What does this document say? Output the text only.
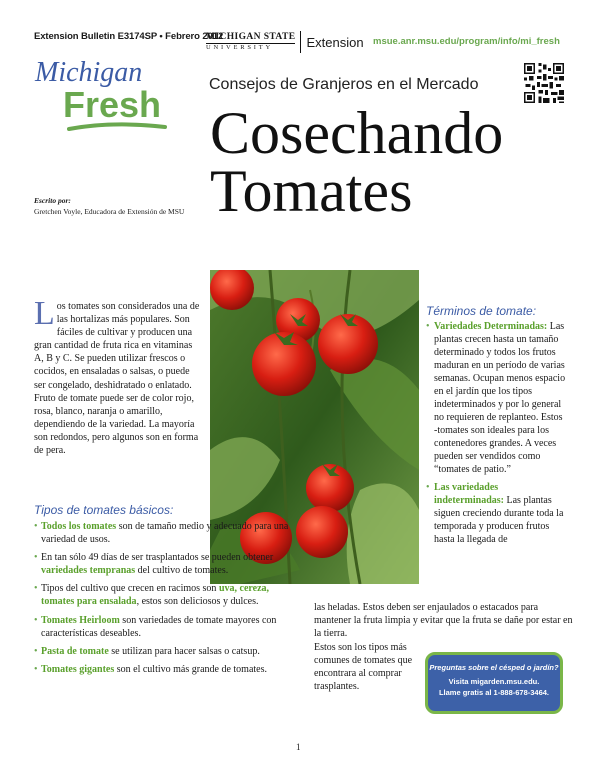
Extension Bulletin E3174SP • Febrero 2012
MICHIGAN STATE
UNIVERSITY	Extension msue.anr.msu.edu/program/info/mi_fresh
Michigan
Fresh	Consejos de Granjeros en el Mercado
Cosechando
Tomates
Escrito por:
Gretchen Voyle, Educadora de Extensión de MSU
Los tomates son considerados una de las hortalizas más populares. Son fáciles de cultivar y producen una gran cantidad de fruta rica en vitaminas A, B y C. Se pueden utilizar frescos o cocidos, en ensaladas o salsas, o puede ser congelado, deshidratado o enlatado. Fruto de tomate puede ser de color rojo, rosa, blanco, naranja o amarillo, dependiendo de la variedad. La mayoría son redondos, pero algunos son en forma de pera.
Tipos de tomates básicos:
• Todos los tomates son de tamaño medio y adecuado para una variedad de usos.
• En tan sólo 49 días de ser trasplantados se pueden obtener variedades tempranas del cultivo de tomates.
• Tipos del cultivo que crecen en racimos son uva, cereza, tomates para ensalada, estos son deliciosos y dulces.
• Tomates Heirloom son variedades de tomate mayores con características deseables.
• Pasta de tomate se utilizan para hacer salsas o catsup.
• Tomates gigantes son el cultivo más grande de tomates.
Términos de tomate:
• Variedades Determinadas: Las plantas crecen hasta un tamaño determinado y todos los frutos maduran en un período de varias semanas. Ocupan menos espacio en el jardín que los tipos indeterminados y por lo general no requieren de replanteo. Estos -tomates son ideales para los contenedores grandes. A veces pueden ser vendidos como “tomates de patio.”
• Las variedades indeterminadas: Las plantas siguen creciendo durante toda la temporada y producen frutos hasta la llegada de
las heladas. Estos deben ser enjaulados o estacados para mantener la fruta limpia y evitar que la fruta se dañe por estar en la tierra.
Estos son los tipos más comunes de tomates que encontrara al comprar trasplantes.
Preguntas sobre el césped o jardín?
Visita migarden.msu.edu.
Llame gratis al 1-888-678-3464.
1
